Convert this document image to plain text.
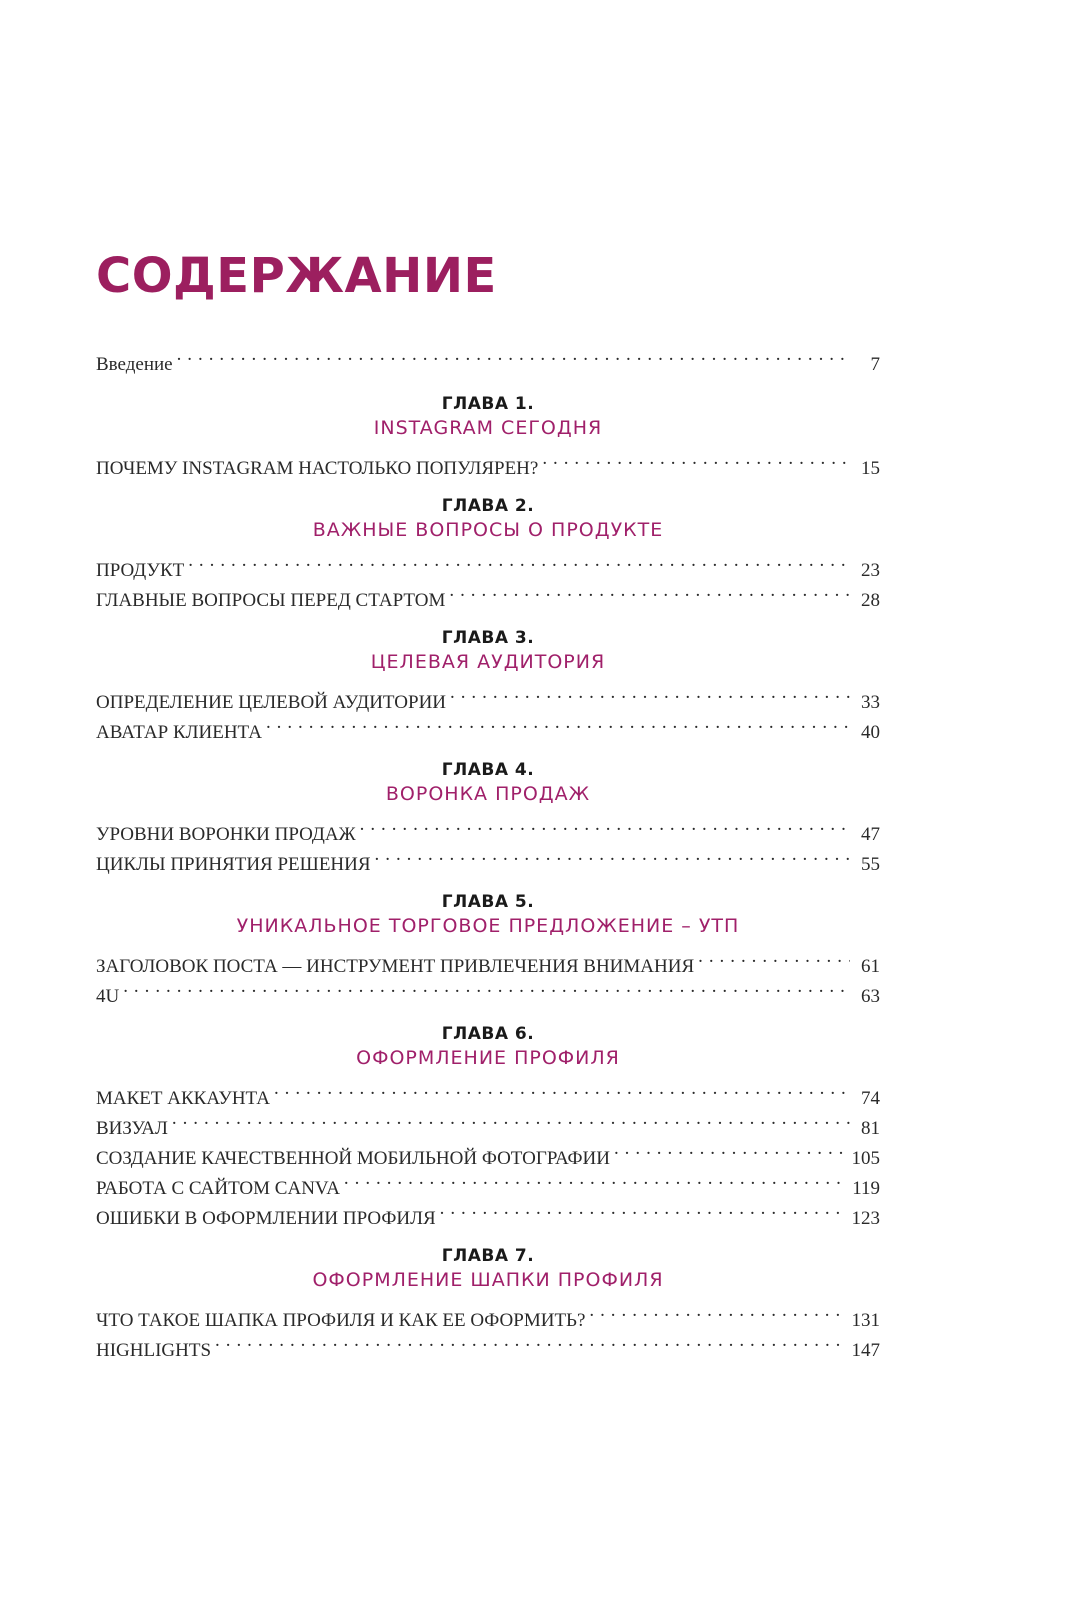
СОДЕРЖАНИЕ
Введение . . .	7
ГЛАВА 1.
INSTAGRAM СЕГОДНЯ
ПОЧЕМУ INSTAGRAM НАСТОЛЬКО ПОПУЛЯРЕН? . . .	15
ГЛАВА 2.
ВАЖНЫЕ ВОПРОСЫ О ПРОДУКТЕ
ПРОДУКТ . . .	23
ГЛАВНЫЕ ВОПРОСЫ ПЕРЕД СТАРТОМ . . .	28
ГЛАВА 3.
ЦЕЛЕВАЯ АУДИТОРИЯ
ОПРЕДЕЛЕНИЕ ЦЕЛЕВОЙ АУДИТОРИИ . . .	33
АВАТАР КЛИЕНТА . . .	40
ГЛАВА 4.
ВОРОНКА ПРОДАЖ
УРОВНИ ВОРОНКИ ПРОДАЖ . . .	47
ЦИКЛЫ ПРИНЯТИЯ РЕШЕНИЯ . . .	55
ГЛАВА 5.
УНИКАЛЬНОЕ ТОРГОВОЕ ПРЕДЛОЖЕНИЕ – УТП
ЗАГОЛОВОК ПОСТА — ИНСТРУМЕНТ ПРИВЛЕЧЕНИЯ ВНИМАНИЯ . . .	61
4U . . .	63
ГЛАВА 6.
ОФОРМЛЕНИЕ ПРОФИЛЯ
МАКЕТ АККАУНТА . . .	74
ВИЗУАЛ . . .	81
СОЗДАНИЕ КАЧЕСТВЕННОЙ МОБИЛЬНОЙ ФОТОГРАФИИ . . .	105
РАБОТА С САЙТОМ CANVA . . .	119
ОШИБКИ В ОФОРМЛЕНИИ ПРОФИЛЯ . . .	123
ГЛАВА 7.
ОФОРМЛЕНИЕ ШАПКИ ПРОФИЛЯ
ЧТО ТАКОЕ ШАПКА ПРОФИЛЯ И КАК ЕЕ ОФОРМИТЬ? . . .	131
HIGHLIGHTS . . .	147
